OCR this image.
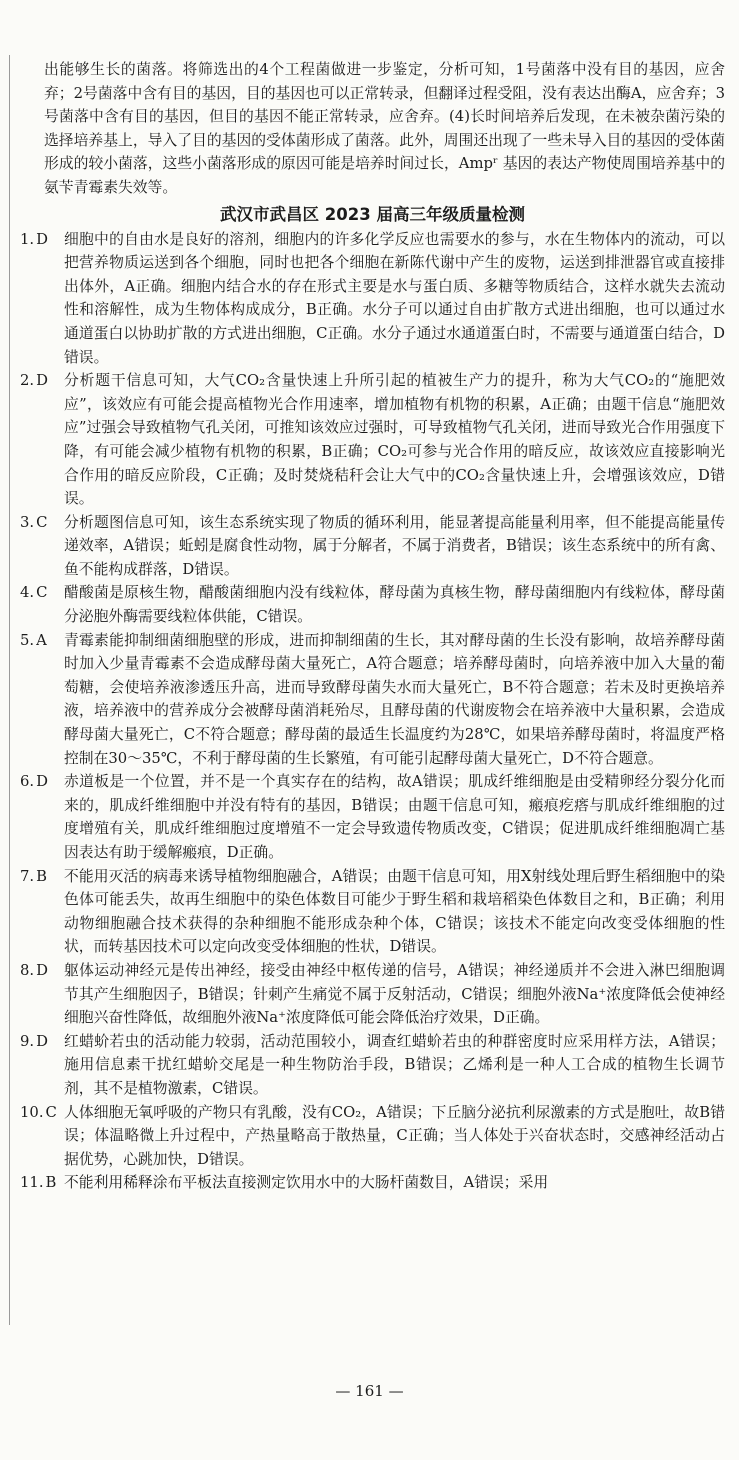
出能够生长的菌落。将筛选出的4个工程菌做进一步鉴定，分析可知，1号菌落中没有目的基因，应舍弃；2号菌落中含有目的基因，目的基因也可以正常转录，但翻译过程受阻，没有表达出酶A，应舍弃；3号菌落中含有目的基因，但目的基因不能正常转录，应舍弃。(4)长时间培养后发现，在未被杂菌污染的选择培养基上，导入了目的基因的受体菌形成了菌落。此外，周围还出现了一些未导入目的基因的受体菌形成的较小菌落，这些小菌落形成的原因可能是培养时间过长，Ampʳ 基因的表达产物使周围培养基中的氨苄青霉素失效等。
武汉市武昌区 2023 届高三年级质量检测
1. D	细胞中的自由水是良好的溶剂，细胞内的许多化学反应也需要水的参与，水在生物体内的流动，可以把营养物质运送到各个细胞，同时也把各个细胞在新陈代谢中产生的废物，运送到排泄器官或直接排出体外，A正确。细胞内结合水的存在形式主要是水与蛋白质、多糖等物质结合，这样水就失去流动性和溶解性，成为生物体构成成分，B正确。水分子可以通过自由扩散方式进出细胞，也可以通过水通道蛋白以协助扩散的方式进出细胞，C正确。水分子通过水通道蛋白时，不需要与通道蛋白结合，D错误。
2. D	分析题干信息可知，大气CO₂含量快速上升所引起的植被生产力的提升，称为大气CO₂的“施肥效应”，该效应有可能会提高植物光合作用速率，增加植物有机物的积累，A正确；由题干信息“施肥效应”过强会导致植物气孔关闭，可推知该效应过强时，可导致植物气孔关闭，进而导致光合作用强度下降，有可能会减少植物有机物的积累，B正确；CO₂可参与光合作用的暗反应，故该效应直接影响光合作用的暗反应阶段，C正确；及时焚烧秸秆会让大气中的CO₂含量快速上升，会增强该效应，D错误。
3. C	分析题图信息可知，该生态系统实现了物质的循环利用，能显著提高能量利用率，但不能提高能量传递效率，A错误；蚯蚓是腐食性动物，属于分解者，不属于消费者，B错误；该生态系统中的所有禽、鱼不能构成群落，D错误。
4. C	醋酸菌是原核生物，醋酸菌细胞内没有线粒体，酵母菌为真核生物，酵母菌细胞内有线粒体，酵母菌分泌胞外酶需要线粒体供能，C错误。
5. A	青霉素能抑制细菌细胞壁的形成，进而抑制细菌的生长，其对酵母菌的生长没有影响，故培养酵母菌时加入少量青霉素不会造成酵母菌大量死亡，A符合题意；培养酵母菌时，向培养液中加入大量的葡萄糖，会使培养液渗透压升高，进而导致酵母菌失水而大量死亡，B不符合题意；若未及时更换培养液，培养液中的营养成分会被酵母菌消耗殆尽，且酵母菌的代谢废物会在培养液中大量积累，会造成酵母菌大量死亡，C不符合题意；酵母菌的最适生长温度约为28℃，如果培养酵母菌时，将温度严格控制在30～35℃，不利于酵母菌的生长繁殖，有可能引起酵母菌大量死亡，D不符合题意。
6. D	赤道板是一个位置，并不是一个真实存在的结构，故A错误；肌成纤维细胞是由受精卵经分裂分化而来的，肌成纤维细胞中并没有特有的基因，B错误；由题干信息可知，瘢痕疙瘩与肌成纤维细胞的过度增殖有关，肌成纤维细胞过度增殖不一定会导致遗传物质改变，C错误；促进肌成纤维细胞凋亡基因表达有助于缓解瘢痕，D正确。
7. B	不能用灭活的病毒来诱导植物细胞融合，A错误；由题干信息可知，用X射线处理后野生稻细胞中的染色体可能丢失，故再生细胞中的染色体数目可能少于野生稻和栽培稻染色体数目之和，B正确；利用动物细胞融合技术获得的杂种细胞不能形成杂种个体，C错误；该技术不能定向改变受体细胞的性状，而转基因技术可以定向改变受体细胞的性状，D错误。
8. D	躯体运动神经元是传出神经，接受由神经中枢传递的信号，A错误；神经递质并不会进入淋巴细胞调节其产生细胞因子，B错误；针刺产生痛觉不属于反射活动，C错误；细胞外液Na⁺浓度降低会使神经细胞兴奋性降低，故细胞外液Na⁺浓度降低可能会降低治疗效果，D正确。
9. D	红蜡蚧若虫的活动能力较弱，活动范围较小，调查红蜡蚧若虫的种群密度时应采用样方法，A错误；施用信息素干扰红蜡蚧交尾是一种生物防治手段，B错误；乙烯利是一种人工合成的植物生长调节剂，其不是植物激素，C错误。
10. C 人体细胞无氧呼吸的产物只有乳酸，没有CO₂，A错误；下丘脑分泌抗利尿激素的方式是胞吐，故B错误；体温略微上升过程中，产热量略高于散热量，C正确；当人体处于兴奋状态时，交感神经活动占据优势，心跳加快，D错误。
11. B 不能利用稀释涂布平板法直接测定饮用水中的大肠杆菌数目，A错误；采用
— 161 —
